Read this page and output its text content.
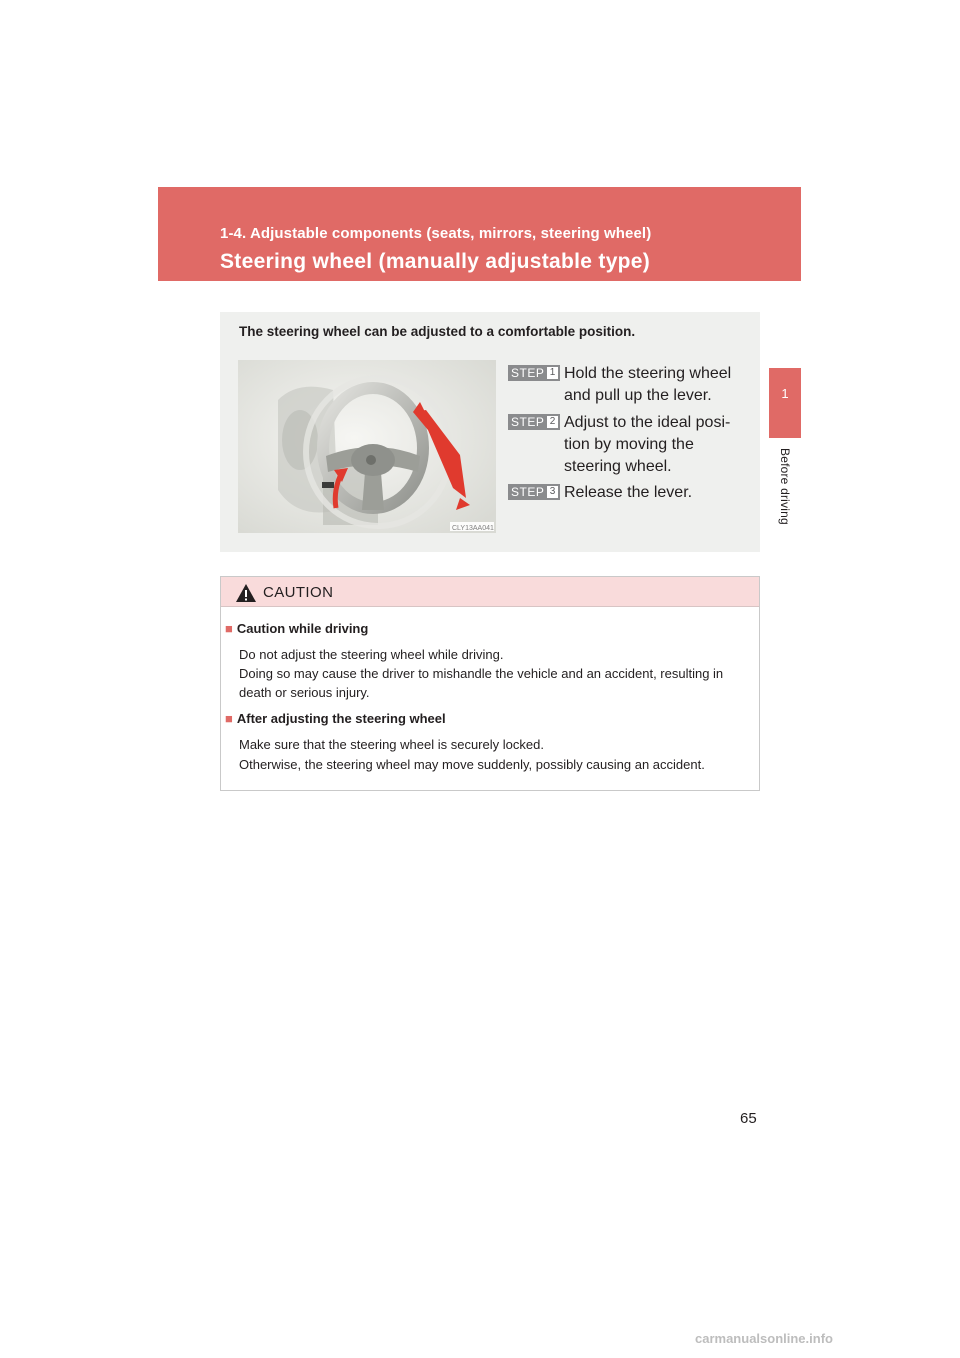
1-4. Adjustable components (seats, mirrors, steering wheel)
Steering wheel (manually adjustable type)
1
Before driving
The steering wheel can be adjusted to a comfortable position.
CLY13AA041
STEP 1 Hold the steering wheel
and pull up the lever.
STEP 2 Adjust to the ideal posi-
tion by moving the
steering wheel.
STEP 3 Release the lever.
CAUTION
■ Caution while driving
Do not adjust the steering wheel while driving.
Doing so may cause the driver to mishandle the vehicle and an accident, resulting in
death or serious injury.
■ After adjusting the steering wheel
Make sure that the steering wheel is securely locked.
Otherwise, the steering wheel may move suddenly, possibly causing an accident.
65
carmanualsonline.info
